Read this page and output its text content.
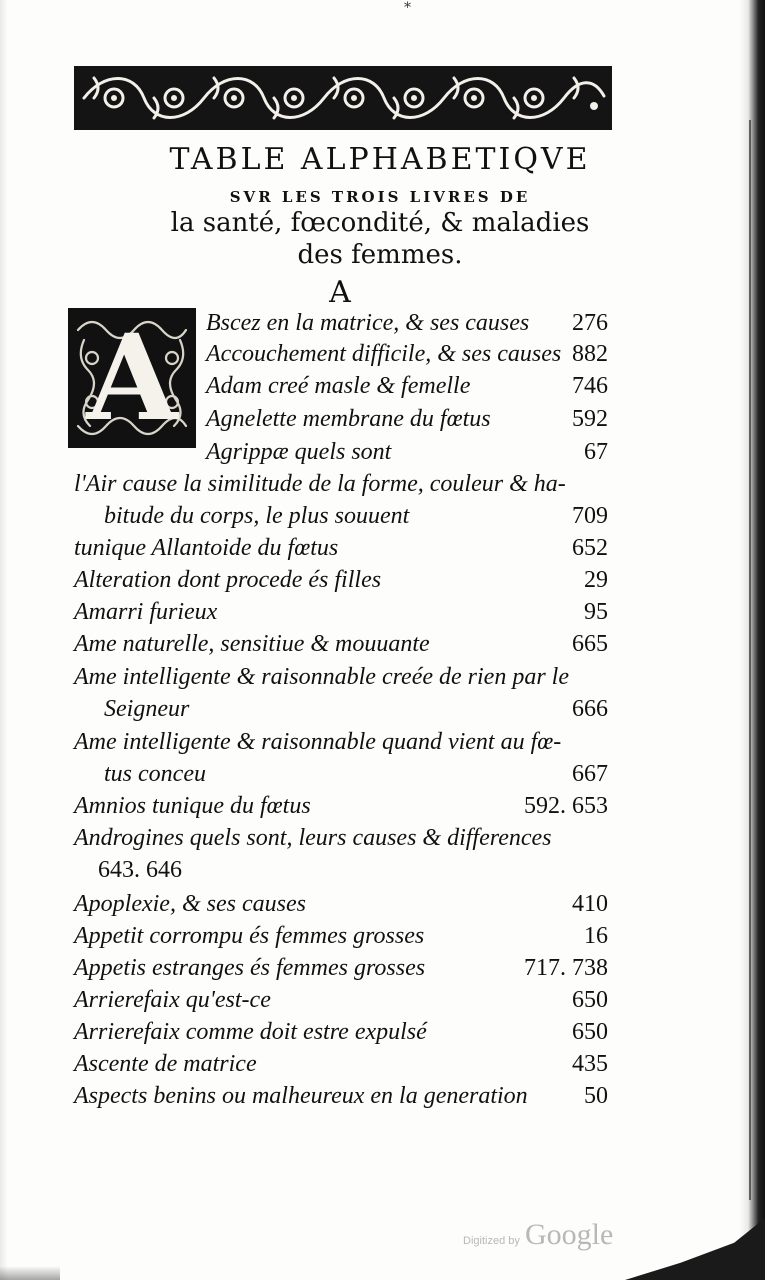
*
TABLE ALPHABETIQVE
SVR LES TROIS LIVRES DE
la santé, fœcondité, & maladies
des femmes.
A
A	Bscez en la matrice, & ses causes	276
Accouchement difficile, & ses causes 882
Adam creé masle & femelle	746
Agnelette membrane du fœtus	592
Agrippæ quels sont	67
l'Air cause la similitude de la forme, couleur & ha-
bitude du corps, le plus souuent	709
tunique Allantoide du fœtus	652
Alteration dont procede és filles	29
Amarri furieux	95
Ame naturelle, sensitiue & mouuante	665
Ame intelligente & raisonnable creée de rien par le
Seigneur	666
Ame intelligente & raisonnable quand vient au fœ-
tus conceu	667
Amnios tunique du fœtus	592. 653
Androgines quels sont, leurs causes & differences
643. 646
Apoplexie, & ses causes	410
Appetit corrompu és femmes grosses	16
Appetis estranges és femmes grosses	717. 738
Arrierefaix qu'est-ce	650
Arrierefaix comme doit estre expulsé	650
Ascente de matrice	435
Aspects benins ou malheureux en la generation	50
Digitized by Google
